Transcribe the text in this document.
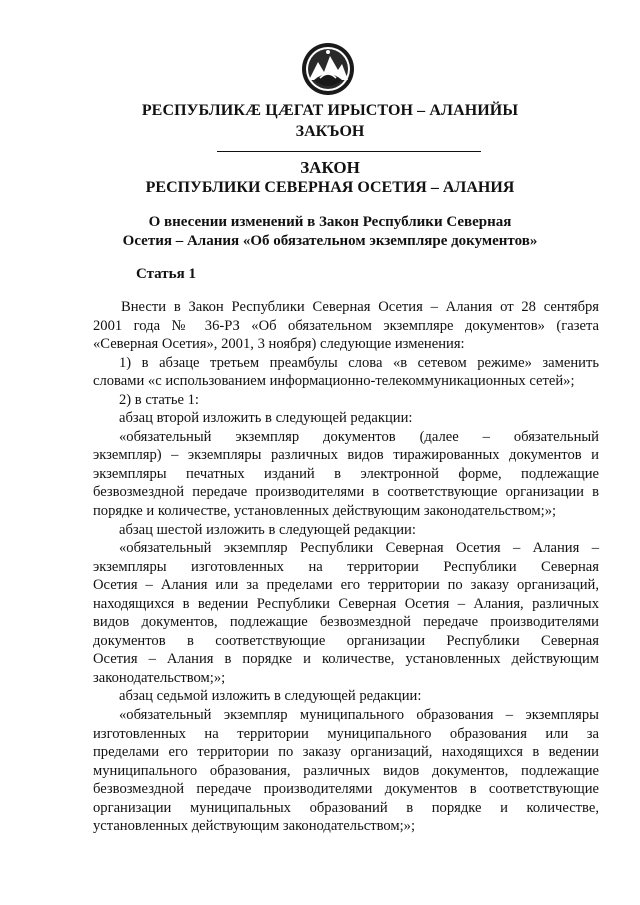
РЕСПУБЛИКӔ ЦӔГАТ ИРЫСТОН – АЛАНИЙЫ
ЗАКЪОН
ЗАКОН
РЕСПУБЛИКИ СЕВЕРНАЯ ОСЕТИЯ – АЛАНИЯ
О внесении изменений в Закон Республики Северная
Осетия – Алания «Об обязательном экземпляре документов»
Статья 1

Внести в Закон Республики Северная Осетия – Алания от 28 сентября

2001 года № 36-РЗ «Об обязательном экземпляре документов» (газета

«Северная Осетия», 2001, 3 ноября) следующие изменения:

1) в абзаце третьем преамбулы слова «в сетевом режиме» заменить

словами «с использованием информационно-телекоммуникационных сетей»;

2) в статье 1:

абзац второй изложить в следующей редакции:

«обязательный экземпляр документов (далее – обязательный

экземпляр) – экземпляры различных видов тиражированных документов и

экземпляры печатных изданий в электронной форме, подлежащие

безвозмездной передаче производителями в соответствующие организации в

порядке и количестве, установленных действующим законодательством;»;

абзац шестой изложить в следующей редакции:

«обязательный экземпляр Республики Северная Осетия – Алания –

экземпляры изготовленных на территории Республики Северная

Осетия – Алания или за пределами его территории по заказу организаций,

находящихся в ведении Республики Северная Осетия – Алания, различных

видов документов, подлежащие безвозмездной передаче производителями

документов в соответствующие организации Республики Северная

Осетия – Алания в порядке и количестве, установленных действующим

законодательством;»;

абзац седьмой изложить в следующей редакции:

«обязательный экземпляр муниципального образования – экземпляры

изготовленных на территории муниципального образования или за

пределами его территории по заказу организаций, находящихся в ведении

муниципального образования, различных видов документов, подлежащие

безвозмездной передаче производителями документов в соответствующие

организации муниципальных образований в порядке и количестве,

установленных действующим законодательством;»;
